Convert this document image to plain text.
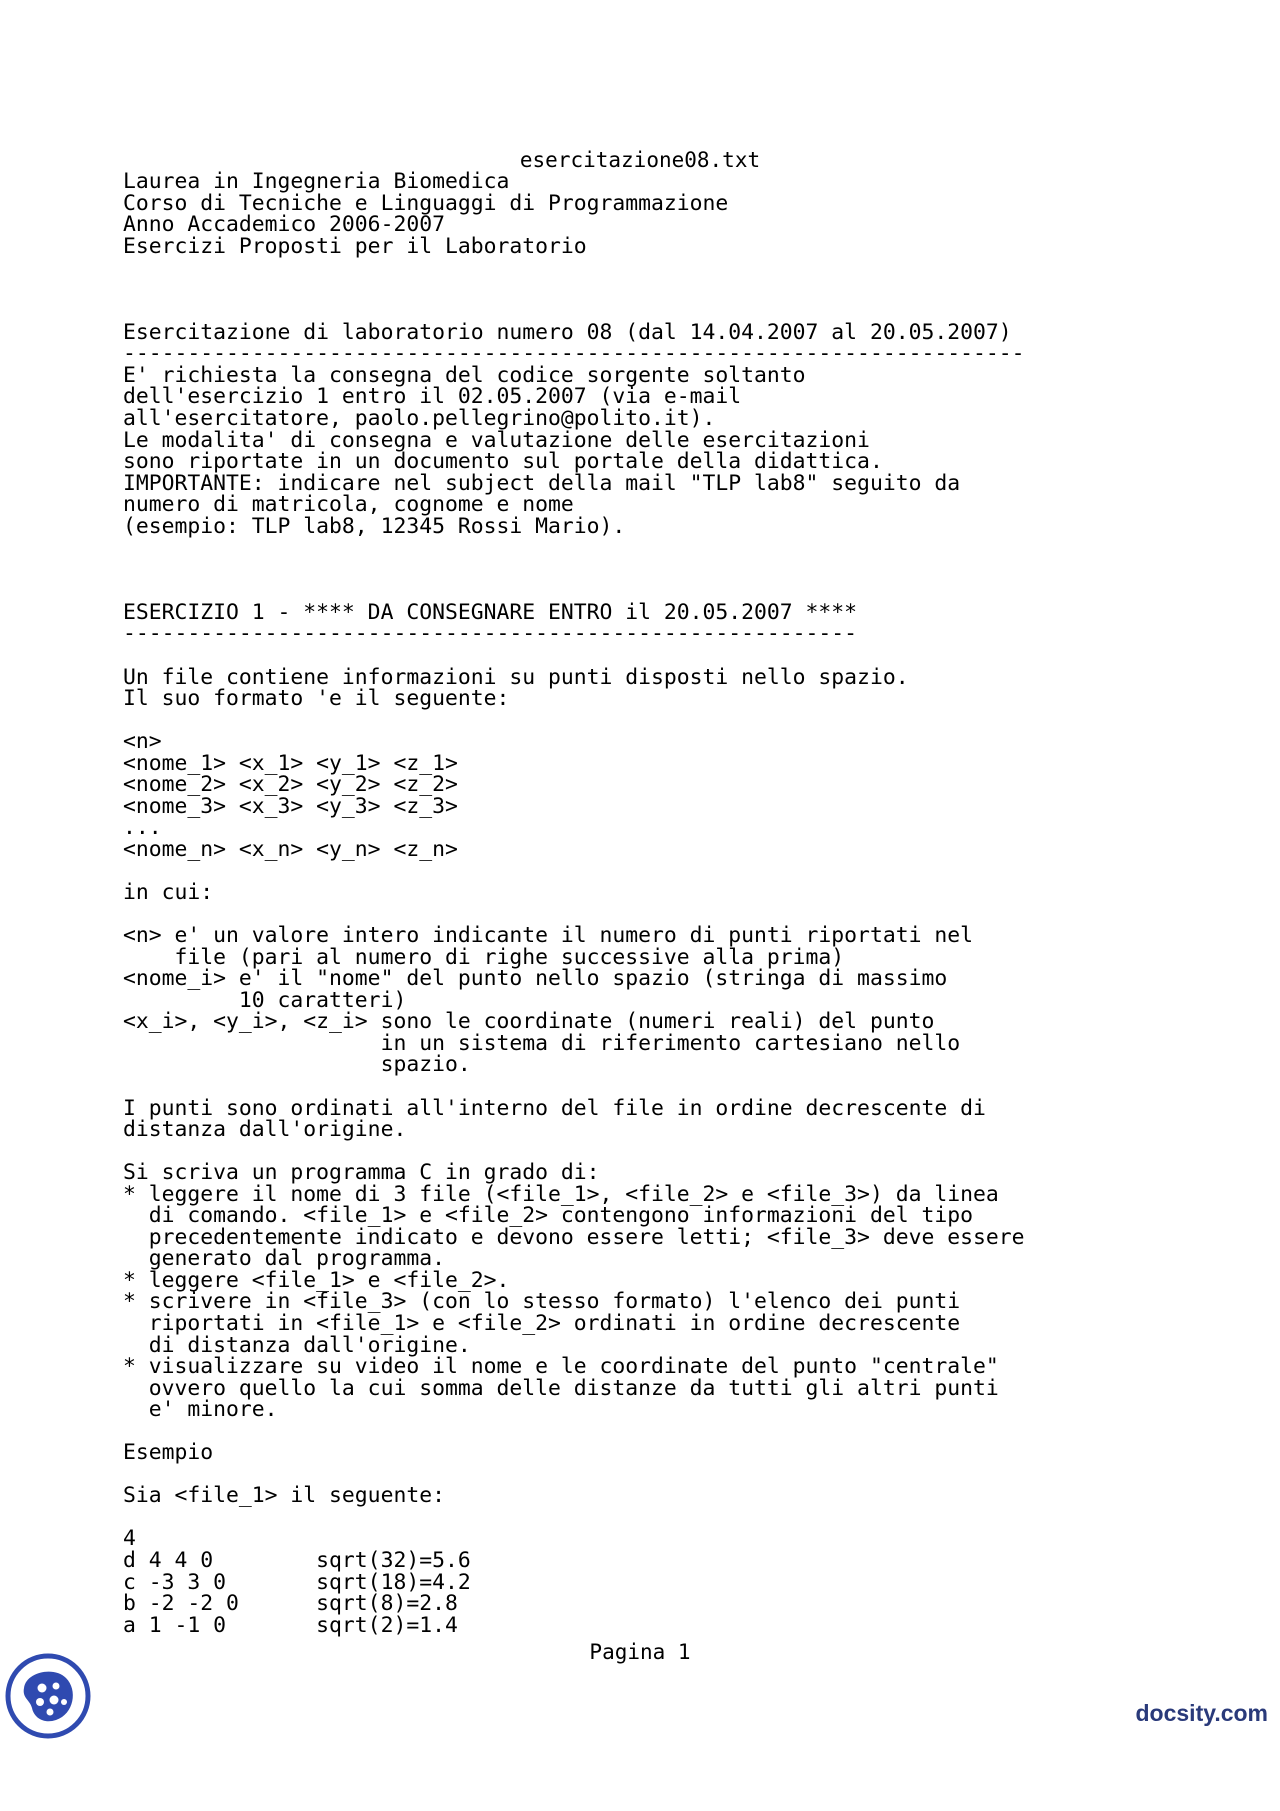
esercitazione08.txt
Laurea in Ingegneria Biomedica
Corso di Tecniche e Linguaggi di Programmazione
Anno Accademico 2006-2007
Esercizi Proposti per il Laboratorio
Esercitazione di laboratorio numero 08 (dal 14.04.2007 al 20.05.2007)
----------------------------------------------------------------------
E' richiesta la consegna del codice sorgente soltanto
dell'esercizio 1 entro il 02.05.2007 (via e-mail
all'esercitatore, paolo.pellegrino@polito.it).
Le modalita' di consegna e valutazione delle esercitazioni
sono riportate in un documento sul portale della didattica.
IMPORTANTE: indicare nel subject della mail "TLP lab8" seguito da
numero di matricola, cognome e nome
(esempio: TLP lab8, 12345 Rossi Mario).
ESERCIZIO 1 - **** DA CONSEGNARE ENTRO il 20.05.2007 ****
---------------------------------------------------------
Un file contiene informazioni su punti disposti nello spazio.
Il suo formato 'e il seguente:
<n>
<nome_1> <x_1> <y_1> <z_1>
<nome_2> <x_2> <y_2> <z_2>
<nome_3> <x_3> <y_3> <z_3>
...
<nome_n> <x_n> <y_n> <z_n>
in cui:
<n> e' un valore intero indicante il numero di punti riportati nel
file (pari al numero di righe successive alla prima)
<nome_i> e' il "nome" del punto nello spazio (stringa di massimo
10 caratteri)
<x_i>, <y_i>, <z_i> sono le coordinate (numeri reali) del punto
in un sistema di riferimento cartesiano nello
spazio.
I punti sono ordinati all'interno del file in ordine decrescente di
distanza dall'origine.
Si scriva un programma C in grado di:
* leggere il nome di 3 file (<file_1>, <file_2> e <file_3>) da linea
di comando. <file_1> e <file_2> contengono informazioni del tipo
precedentemente indicato e devono essere letti; <file_3> deve essere
generato dal programma.
* leggere <file_1> e <file_2>.
* scrivere in <file_3> (con lo stesso formato) l'elenco dei punti
riportati in <file_1> e <file_2> ordinati in ordine decrescente
di distanza dall'origine.
* visualizzare su video il nome e le coordinate del punto "centrale"
ovvero quello la cui somma delle distanze da tutti gli altri punti
e' minore.
Esempio
Sia <file_1> il seguente:
4
d 4 4 0        sqrt(32)=5.6
c -3 3 0       sqrt(18)=4.2
b -2 -2 0      sqrt(8)=2.8
a 1 -1 0       sqrt(2)=1.4
Pagina 1
docsity.com
